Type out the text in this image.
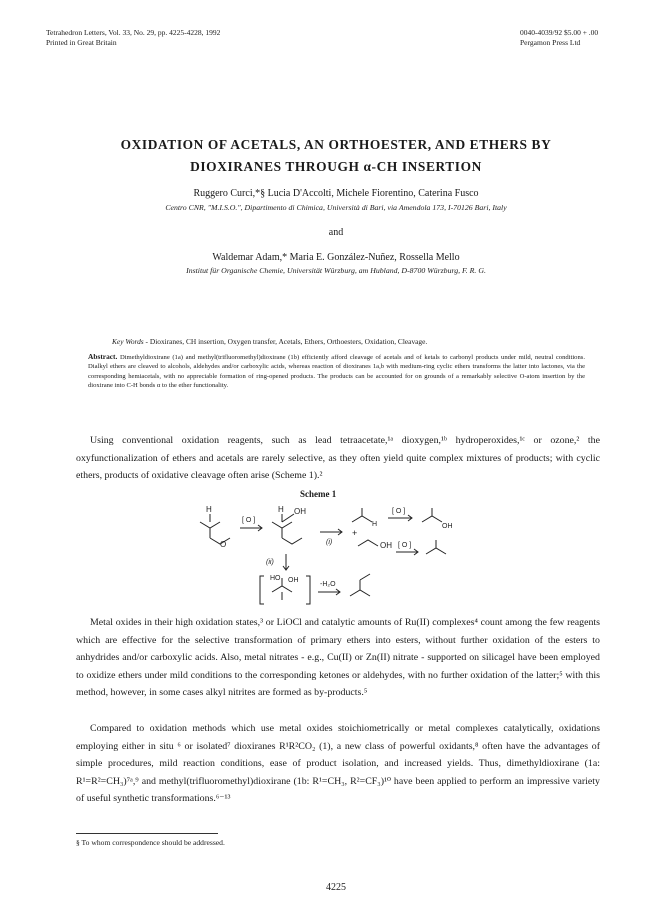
Tetrahedron Letters, Vol. 33, No. 29, pp. 4225-4228, 1992
Printed in Great Britain
0040-4039/92 $5.00 + .00
Pergamon Press Ltd
OXIDATION OF ACETALS, AN ORTHOESTER, AND ETHERS BY
DIOXIRANES THROUGH α-CH INSERTION
Ruggero Curci,*§ Lucia D'Accolti, Michele Fiorentino, Caterina Fusco
Centro CNR, "M.I.S.O.", Dipartimento di Chimica, Università di Bari, via Amendola 173, I-70126 Bari, Italy
and
Waldemar Adam,* Maria E. González-Nuñez, Rossella Mello
Institut für Organische Chemie, Universität Würzburg, am Hubland, D-8700 Würzburg, F. R. G.
Key Words - Dioxiranes, CH insertion, Oxygen transfer, Acetals, Ethers, Orthoesters, Oxidation, Cleavage.
Abstract. Dimethyldioxirane (1a) and methyl(trifluoromethyl)dioxirane (1b) efficiently afford cleavage of acetals and of ketals to carbonyl products under mild, neutral conditions. Dialkyl ethers are cleaved to alcohols, aldehydes and/or carboxylic acids, whereas reaction of dioxiranes 1a,b with medium-ring cyclic ethers transforms the latter into lactones, via the corresponding hemiacetals, with no appreciable formation of ring-opened products. The products can be accounted for on grounds of a remarkably selective O-atom insertion by the dioxirane into C-H bonds α to the ether functionality.
Using conventional oxidation reagents, such as lead tetraacetate,¹ᵃ dioxygen,¹ᵇ hydroperoxides,¹ᶜ or ozone,² the oxyfunctionalization of ethers and acetals are rarely selective, as they often yield quite complex mixtures of products; with cyclic ethers, products of oxidative cleavage often arise (Scheme 1).²
Scheme 1
H
O
[ O ]
H OH
(i)
H
+
OH
[ O ]
OH
[ O ]
(ii)
HO OH
-H₂O
Metal oxides in their high oxidation states,³ or LiOCl and catalytic amounts of Ru(II) complexes⁴ count among the few reagents which are effective for the selective transformation of primary ethers into esters, without further oxidation of the esters to anhydrides and/or carboxylic acids. Also, metal nitrates - e.g., Cu(II) or Zn(II) nitrate - supported on silicagel have been employed to oxidize ethers under mild conditions to the corresponding ketones or aldehydes, with no further oxidation of the latter;⁵ with this method, however, in some cases alkyl nitrites are formed as by-products.⁵
Compared to oxidation methods which use metal oxides stoichiometrically or metal complexes catalytically, oxidations employing either in situ ⁶ or isolated⁷ dioxiranes R¹R²CO₂ (1), a new class of powerful oxidants,⁸ often have the advantages of simple procedures, mild reaction conditions, ease of product isolation, and increased yields. Thus, dimethyldioxirane (1a: R¹=R²=CH₃)⁷ᵃ,⁹ and methyl(trifluoromethyl)dioxirane (1b: R¹=CH₃, R²=CF₃)¹⁰ have been applied to perform an impressive variety of useful synthetic transformations.⁶⁻¹³
§ To whom correspondence should be addressed.
4225
